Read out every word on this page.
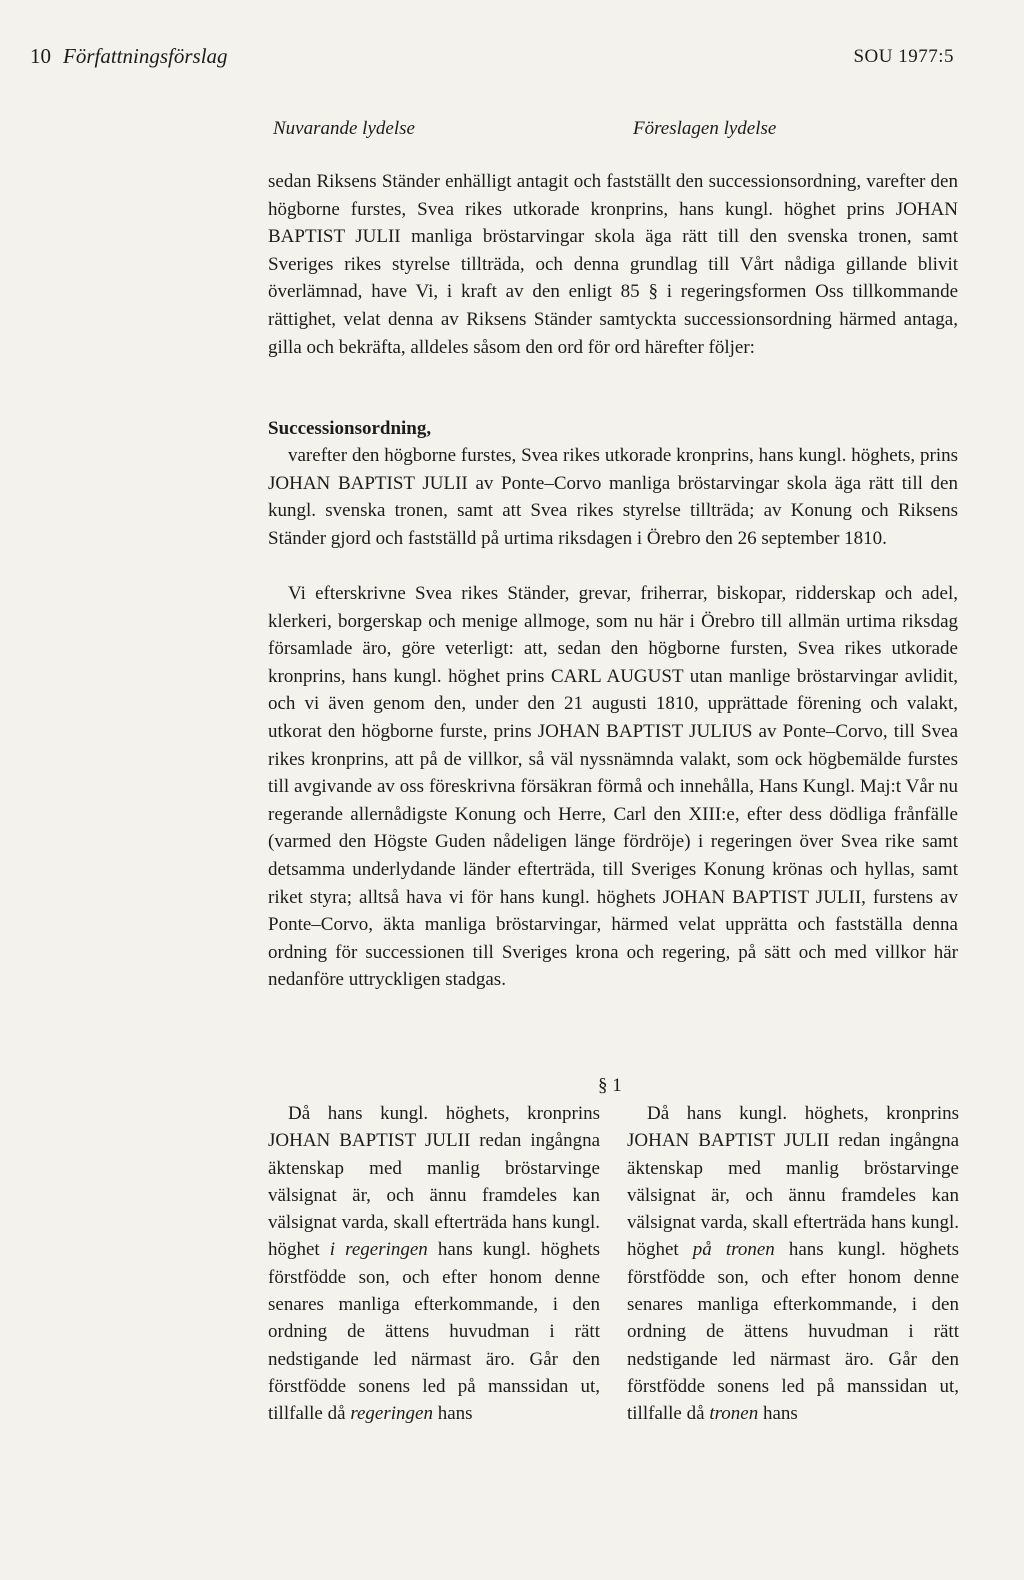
10 Författningsförslag	SOU 1977:5
Nuvarande lydelse	Föreslagen lydelse
sedan Riksens Ständer enhälligt antagit och fastställt den successionsordning, varefter den högborne furstes, Svea rikes utkorade kronprins, hans kungl. höghet prins JOHAN BAPTIST JULII manliga bröstarvingar skola äga rätt till den svenska tronen, samt Sveriges rikes styrelse tillträda, och denna grundlag till Vårt nådiga gillande blivit överlämnad, have Vi, i kraft av den enligt 85 § i regeringsformen Oss tillkommande rättighet, velat denna av Riksens Ständer samtyckta successionsordning härmed antaga, gilla och bekräfta, alldeles såsom den ord för ord härefter följer:
Successionsordning,
varefter den högborne furstes, Svea rikes utkorade kronprins, hans kungl. höghets, prins JOHAN BAPTIST JULII av Ponte–Corvo manliga bröstarvingar skola äga rätt till den kungl. svenska tronen, samt att Svea rikes styrelse tillträda; av Konung och Riksens Ständer gjord och fastställd på urtima riksdagen i Örebro den 26 september 1810.
Vi efterskrivne Svea rikes Ständer, grevar, friherrar, biskopar, ridderskap och adel, klerkeri, borgerskap och menige allmoge, som nu här i Örebro till allmän urtima riksdag församlade äro, göre veterligt: att, sedan den högborne fursten, Svea rikes utkorade kronprins, hans kungl. höghet prins CARL AUGUST utan manlige bröstarvingar avlidit, och vi även genom den, under den 21 augusti 1810, upprättade förening och valakt, utkorat den högborne furste, prins JOHAN BAPTIST JULIUS av Ponte–Corvo, till Svea rikes kronprins, att på de villkor, så väl nyssnämnda valakt, som ock högbemälde furstes till avgivande av oss föreskrivna försäkran förmå och innehålla, Hans Kungl. Maj:t Vår nu regerande allernådigste Konung och Herre, Carl den XIII:e, efter dess dödliga frånfälle (varmed den Högste Guden nådeligen länge fördröje) i regeringen över Svea rike samt detsamma underlydande länder efterträda, till Sveriges Konung krönas och hyllas, samt riket styra; alltså hava vi för hans kungl. höghets JOHAN BAPTIST JULII, furstens av Ponte–Corvo, äkta manliga bröstarvingar, härmed velat upprätta och fastställa denna ordning för successionen till Sveriges krona och regering, på sätt och med villkor här nedanföre uttryckligen stadgas.
§ 1
Då hans kungl. höghets, kronprins JOHAN BAPTIST JULII redan ingångna äktenskap med manlig bröstarvinge välsignat är, och ännu framdeles kan välsignat varda, skall efterträda hans kungl. höghet i regeringen hans kungl. höghets förstfödde son, och efter honom denne senares manliga efterkommande, i den ordning de ättens huvudman i rätt nedstigande led närmast äro. Går den förstfödde sonens led på manssidan ut, tillfalle då regeringen hans
Då hans kungl. höghets, kronprins JOHAN BAPTIST JULII redan ingångna äktenskap med manlig bröstarvinge välsignat är, och ännu framdeles kan välsignat varda, skall efterträda hans kungl. höghet på tronen hans kungl. höghets förstfödde son, och efter honom denne senares manliga efterkommande, i den ordning de ättens huvudman i rätt nedstigande led närmast äro. Går den förstfödde sonens led på manssidan ut, tillfalle då tronen hans
